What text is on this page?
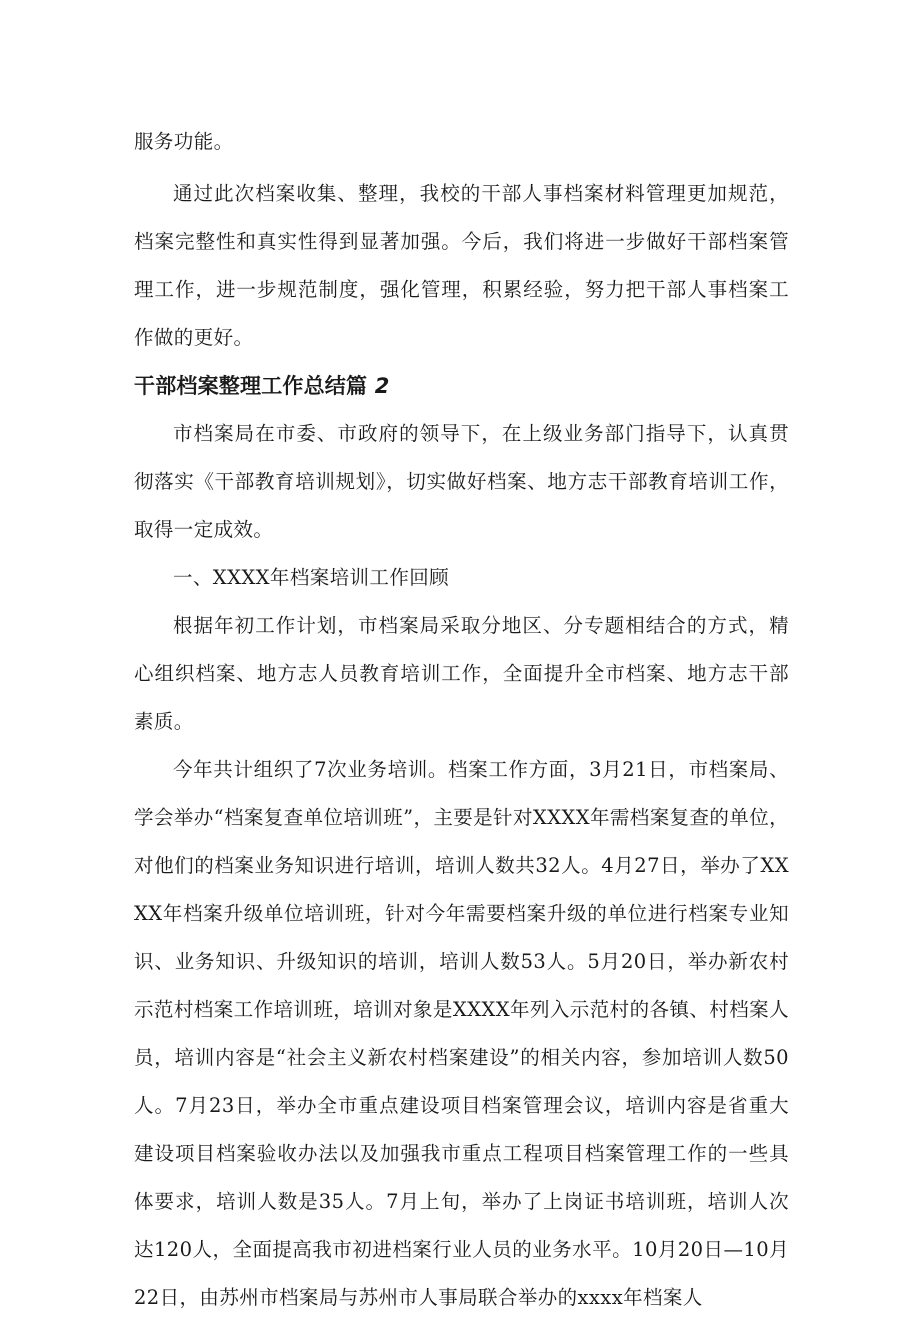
服务功能。

通过此次档案收集、整理，我校的干部人事档案材料管理更加规范，档案完整性和真实性得到显著加强。今后，我们将进一步做好干部档案管理工作，进一步规范制度，强化管理，积累经验，努力把干部人事档案工作做的更好。

干部档案整理工作总结篇 2

市档案局在市委、市政府的领导下，在上级业务部门指导下，认真贯彻落实《干部教育培训规划》，切实做好档案、地方志干部教育培训工作，取得一定成效。

一、XXXX年档案培训工作回顾

根据年初工作计划，市档案局采取分地区、分专题相结合的方式，精心组织档案、地方志人员教育培训工作，全面提升全市档案、地方志干部素质。

今年共计组织了7次业务培训。档案工作方面，3月21日，市档案局、学会举办“档案复查单位培训班”，主要是针对XXXX年需档案复查的单位，对他们的档案业务知识进行培训，培训人数共32人。4月27日，举办了XXXX年档案升级单位培训班，针对今年需要档案升级的单位进行档案专业知识、业务知识、升级知识的培训，培训人数53人。5月20日，举办新农村示范村档案工作培训班，培训对象是XXXX年列入示范村的各镇、村档案人员，培训内容是“社会主义新农村档案建设”的相关内容，参加培训人数50人。7月23日，举办全市重点建设项目档案管理会议，培训内容是省重大建设项目档案验收办法以及加强我市重点工程项目档案管理工作的一些具体要求，培训人数是35人。7月上旬，举办了上岗证书培训班，培训人次达120人，全面提高我市初进档案行业人员的业务水平。10月20日—10月22日，由苏州市档案局与苏州市人事局联合举办的xxxx年档案人
